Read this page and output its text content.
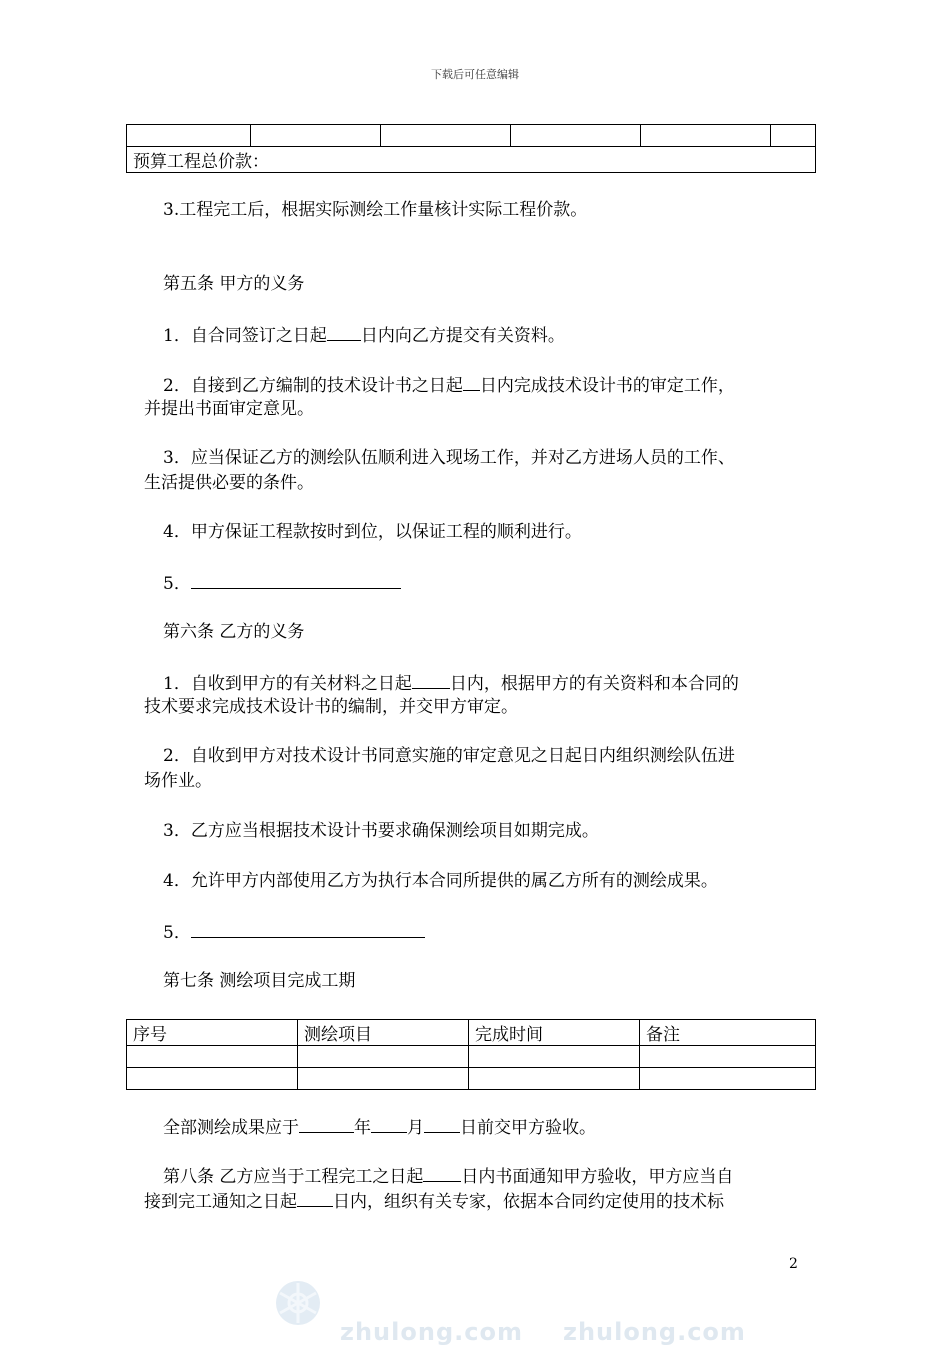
下载后可任意编辑

预算工程总价款：
3.工程完工后，根据实际测绘工作量核计实际工程价款。
第五条 甲方的义务
1．自合同签订之日起 日内向乙方提交有关资料。
2．自接到乙方编制的技术设计书之日起 日内完成技术设计书的审定工作，
并提出书面审定意见。
3．应当保证乙方的测绘队伍顺利进入现场工作，并对乙方进场人员的工作、
生活提供必要的条件。
4．甲方保证工程款按时到位，以保证工程的顺利进行。
5．
第六条 乙方的义务
1．自收到甲方的有关材料之日起 日内，根据甲方的有关资料和本合同的
技术要求完成技术设计书的编制，并交甲方审定。
2．自收到甲方对技术设计书同意实施的审定意见之日起日内组织测绘队伍进
场作业。
3．乙方应当根据技术设计书要求确保测绘项目如期完成。
4．允许甲方内部使用乙方为执行本合同所提供的属乙方所有的测绘成果。
5．
第七条 测绘项目完成工期
序号	测绘项目	完成时间	备注

全部测绘成果应于	年 月 日前交甲方验收。
第八条 乙方应当于工程完工之日起 日内书面通知甲方验收，甲方应当自
接到完工通知之日起 日内，组织有关专家，依据本合同约定使用的技术标
2
zhulong.com zhulong.com
